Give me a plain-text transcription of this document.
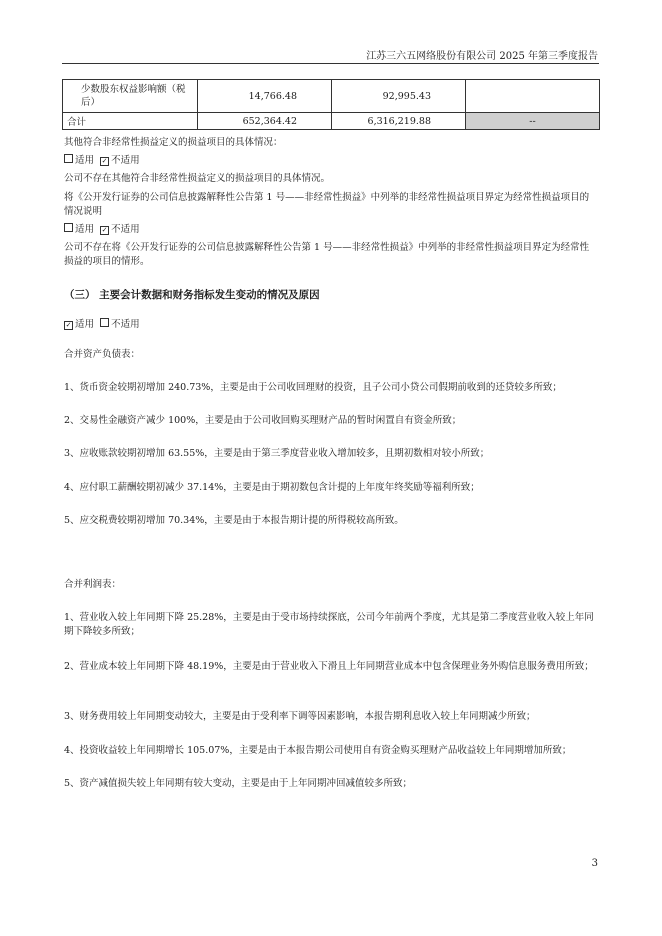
江苏三六五网络股份有限公司 2025 年第三季度报告
少数股东权益影响额（税后）	14,766.48	92,995.43	
合计	652,364.42	6,316,219.88	--
其他符合非经常性损益定义的损益项目的具体情况：
适用 ✓ 不适用
公司不存在其他符合非经常性损益定义的损益项目的具体情况。
将《公开发行证券的公司信息披露解释性公告第 1 号——非经常性损益》中列举的非经常性损益项目界定为经常性损益项目的情况说明
适用 ✓ 不适用
公司不存在将《公开发行证券的公司信息披露解释性公告第 1 号——非经常性损益》中列举的非经常性损益项目界定为经常性损益的项目的情形。
（三） 主要会计数据和财务指标发生变动的情况及原因
✓ 适用 不适用
合并资产负债表：
1、货币资金较期初增加 240.73%，主要是由于公司收回理财的投资，且子公司小贷公司假期前收到的还贷较多所致；
2、交易性金融资产减少 100%，主要是由于公司收回购买理财产品的暂时闲置自有资金所致；
3、应收账款较期初增加 63.55%，主要是由于第三季度营业收入增加较多，且期初数相对较小所致；
4、应付职工薪酬较期初减少 37.14%，主要是由于期初数包含计提的上年度年终奖励等福利所致；
5、应交税费较期初增加 70.34%，主要是由于本报告期计提的所得税较高所致。
合并利润表：
1、营业收入较上年同期下降 25.28%，主要是由于受市场持续探底，公司今年前两个季度，尤其是第二季度营业收入较上年同期下降较多所致；
2、营业成本较上年同期下降 48.19%，主要是由于营业收入下滑且上年同期营业成本中包含保理业务外购信息服务费用所致；
3、财务费用较上年同期变动较大，主要是由于受利率下调等因素影响，本报告期利息收入较上年同期减少所致；
4、投资收益较上年同期增长 105.07%，主要是由于本报告期公司使用自有资金购买理财产品收益较上年同期增加所致；
5、资产减值损失较上年同期有较大变动，主要是由于上年同期冲回减值较多所致；
3
